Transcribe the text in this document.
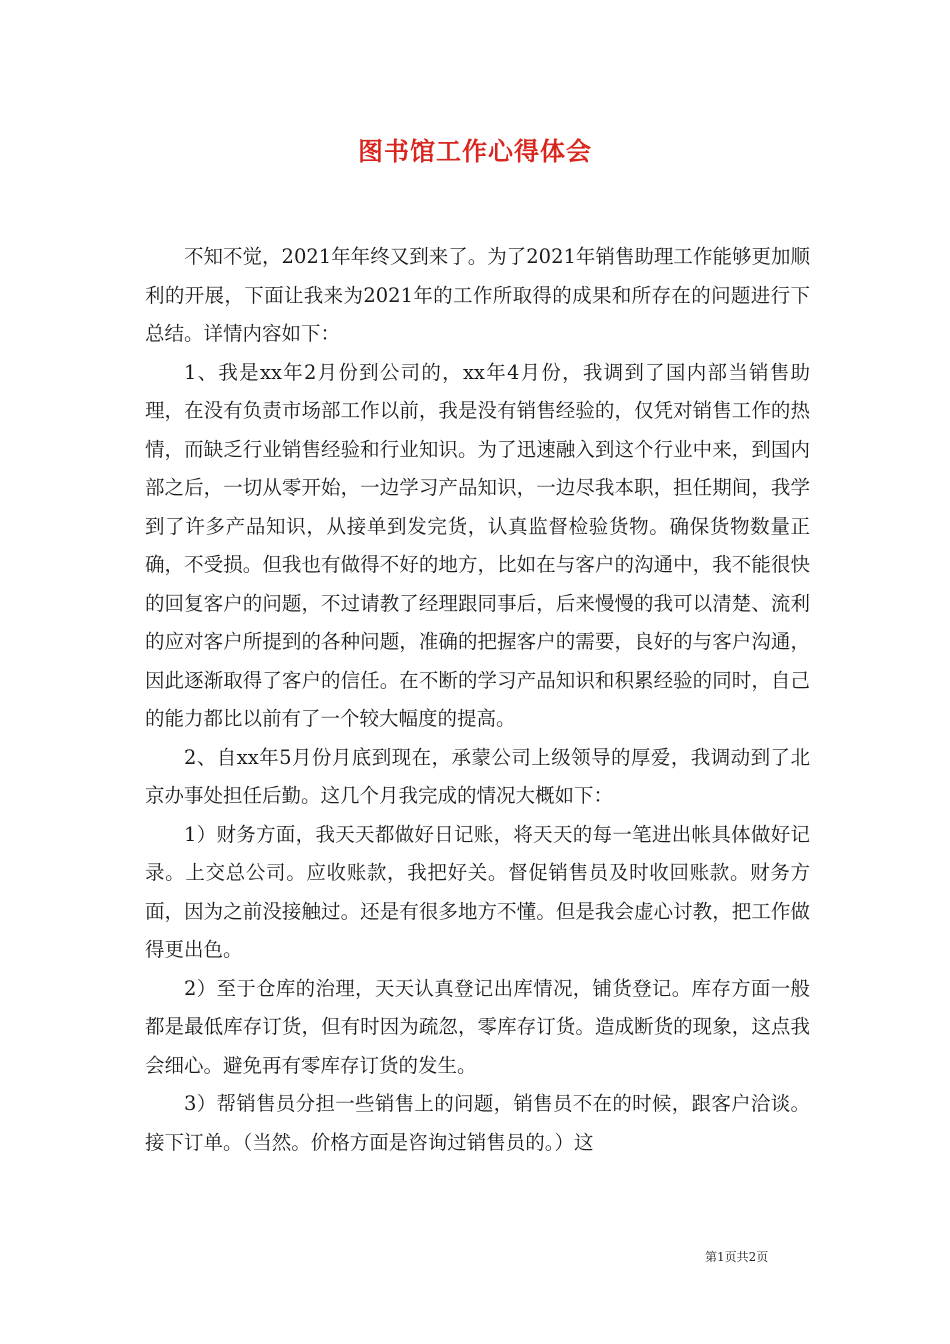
图书馆工作心得体会

不知不觉，2021年年终又到来了。为了2021年销售助理工作能够更加顺利的开展，下面让我来为2021年的工作所取得的成果和所存在的问题进行下总结。详情内容如下：

1、我是xx年2月份到公司的，xx年4月份，我调到了国内部当销售助理，在没有负责市场部工作以前，我是没有销售经验的，仅凭对销售工作的热情，而缺乏行业销售经验和行业知识。为了迅速融入到这个行业中来，到国内部之后，一切从零开始，一边学习产品知识，一边尽我本职，担任期间，我学到了许多产品知识，从接单到发完货，认真监督检验货物。确保货物数量正确，不受损。但我也有做得不好的地方，比如在与客户的沟通中，我不能很快的回复客户的问题，不过请教了经理跟同事后，后来慢慢的我可以清楚、流利的应对客户所提到的各种问题，准确的把握客户的需要，良好的与客户沟通，因此逐渐取得了客户的信任。在不断的学习产品知识和积累经验的同时，自己的能力都比以前有了一个较大幅度的提高。

2、自xx年5月份月底到现在，承蒙公司上级领导的厚爱，我调动到了北京办事处担任后勤。这几个月我完成的情况大概如下：

1）财务方面，我天天都做好日记账，将天天的每一笔进出帐具体做好记录。上交总公司。应收账款，我把好关。督促销售员及时收回账款。财务方面，因为之前没接触过。还是有很多地方不懂。但是我会虚心讨教，把工作做得更出色。

2）至于仓库的治理，天天认真登记出库情况，铺货登记。库存方面一般都是最低库存订货，但有时因为疏忽，零库存订货。造成断货的现象，这点我会细心。避免再有零库存订货的发生。

3）帮销售员分担一些销售上的问题，销售员不在的时候，跟客户洽谈。接下订单。（当然。价格方面是咨询过销售员的。）这

第1页共2页
